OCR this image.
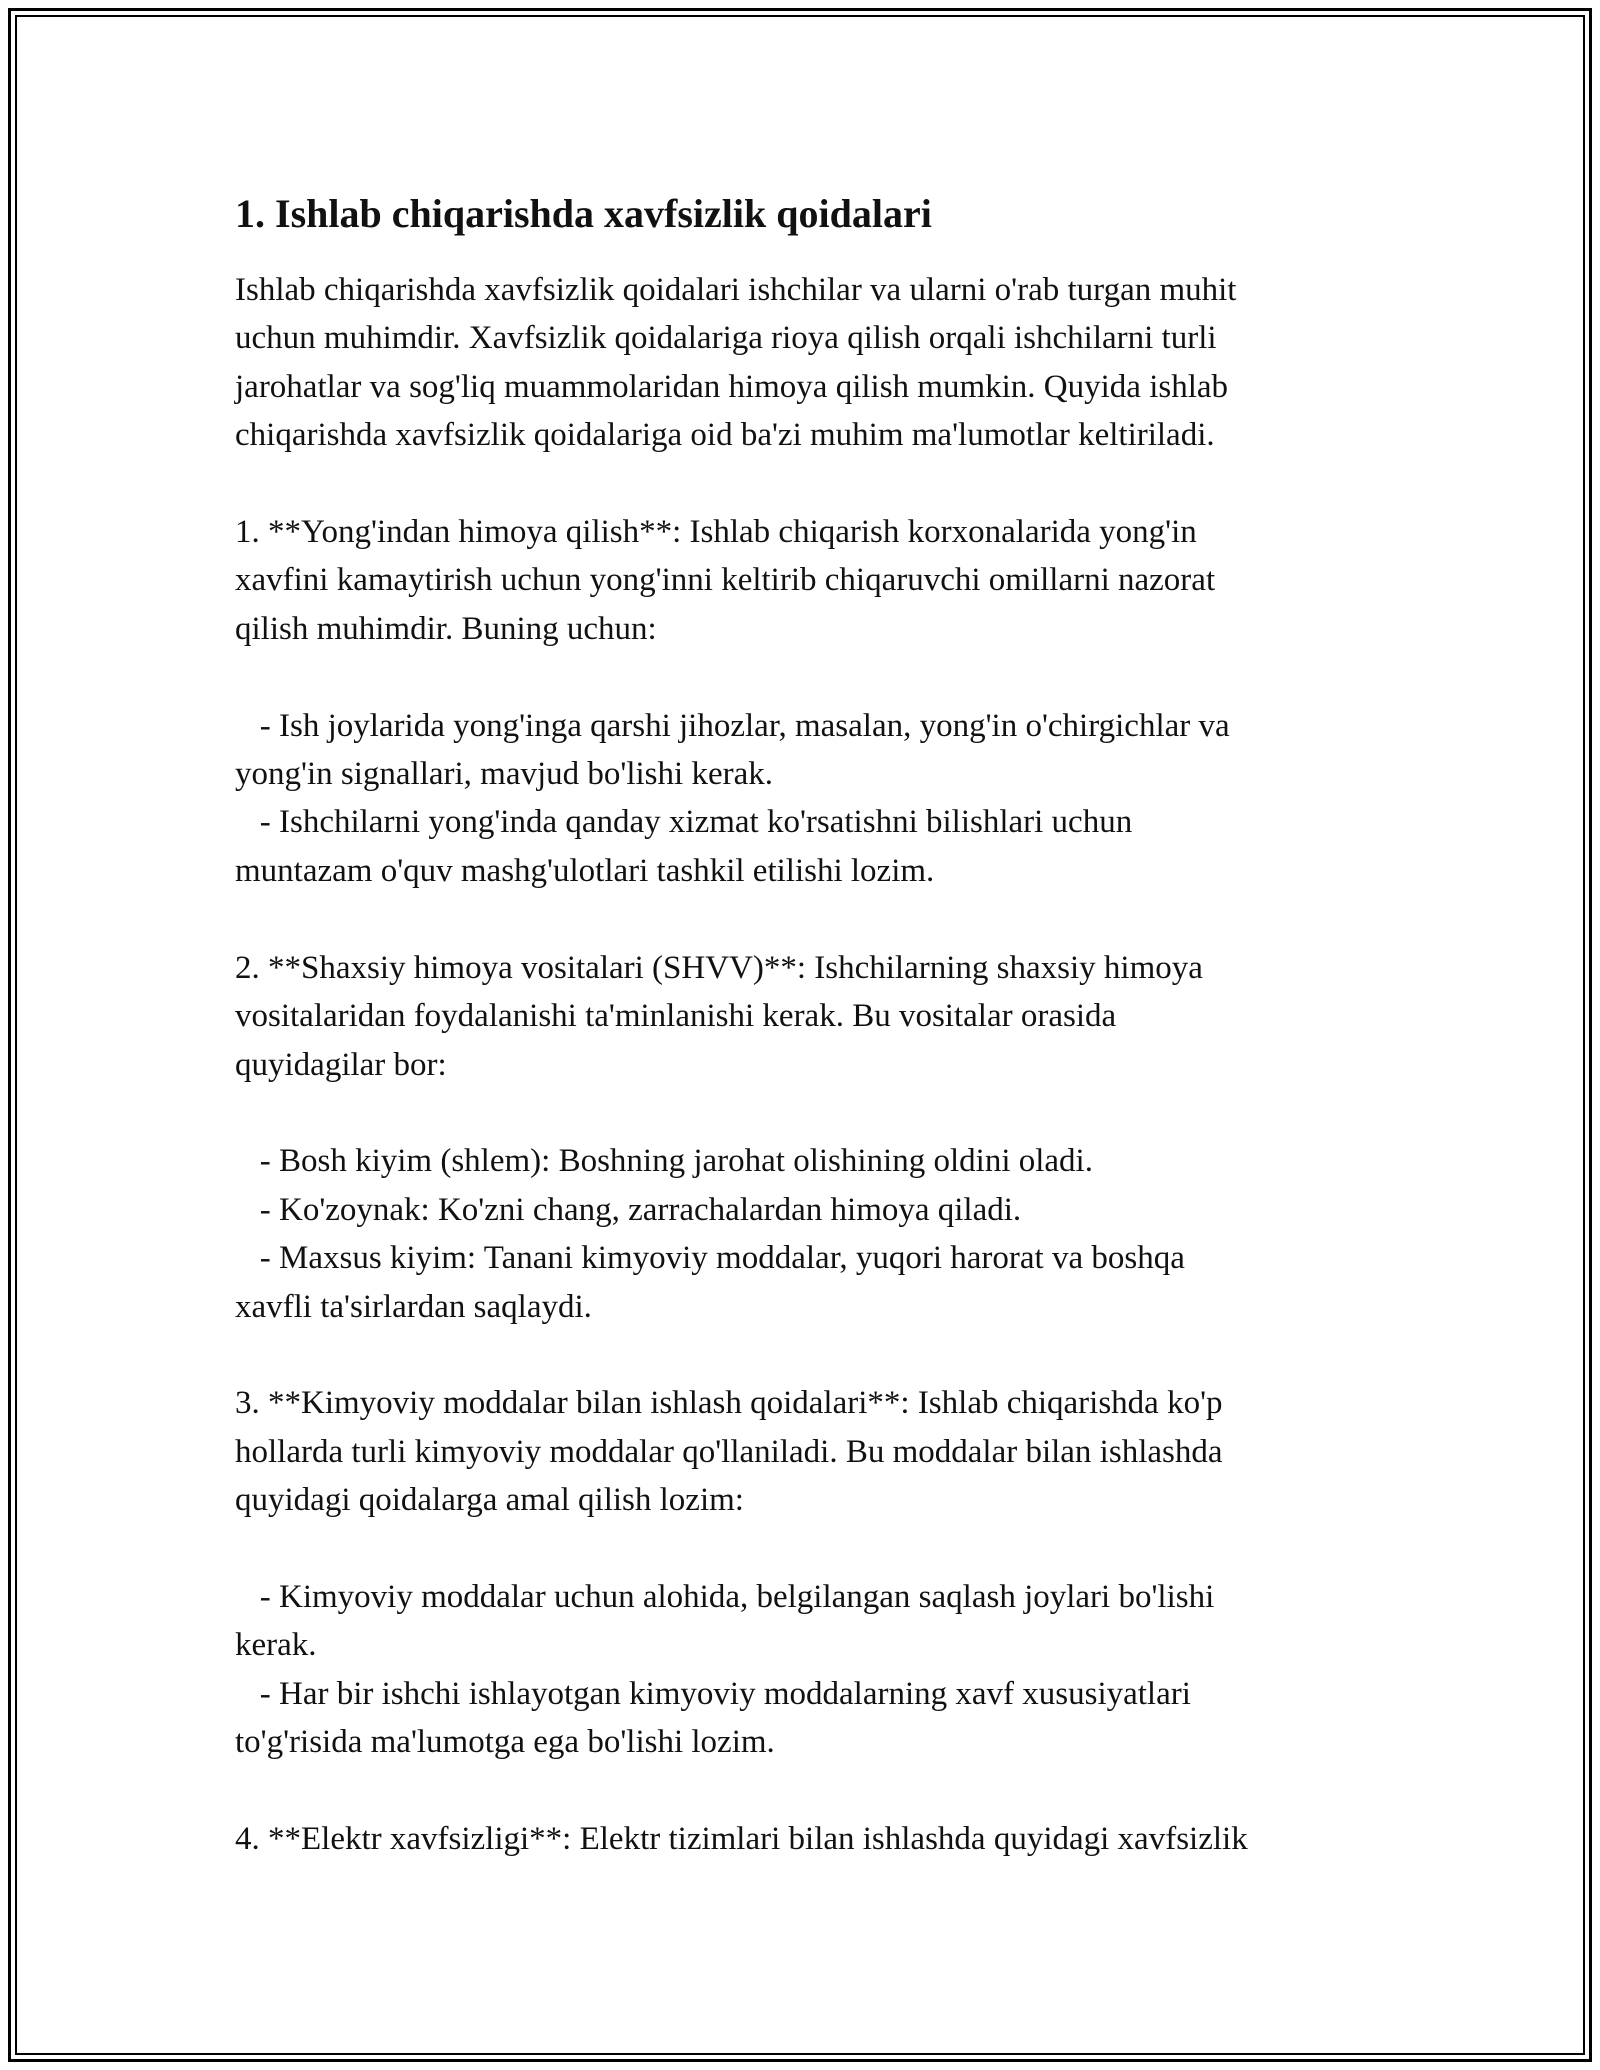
1. Ishlab chiqarishda xavfsizlik qoidalari

Ishlab chiqarishda xavfsizlik qoidalari ishchilar va ularni o'rab turgan muhit
uchun muhimdir. Xavfsizlik qoidalariga rioya qilish orqali ishchilarni turli
jarohatlar va sog'liq muammolaridan himoya qilish mumkin. Quyida ishlab
chiqarishda xavfsizlik qoidalariga oid ba'zi muhim ma'lumotlar keltiriladi.

1. **Yong'indan himoya qilish**: Ishlab chiqarish korxonalarida yong'in
xavfini kamaytirish uchun yong'inni keltirib chiqaruvchi omillarni nazorat
qilish muhimdir. Buning uchun:

- Ish joylarida yong'inga qarshi jihozlar, masalan, yong'in o'chirgichlar va
yong'in signallari, mavjud bo'lishi kerak.
- Ishchilarni yong'inda qanday xizmat ko'rsatishni bilishlari uchun
muntazam o'quv mashg'ulotlari tashkil etilishi lozim.

2. **Shaxsiy himoya vositalari (SHVV)**: Ishchilarning shaxsiy himoya
vositalaridan foydalanishi ta'minlanishi kerak. Bu vositalar orasida
quyidagilar bor:

- Bosh kiyim (shlem): Boshning jarohat olishining oldini oladi.
- Ko'zoynak: Ko'zni chang, zarrachalardan himoya qiladi.
- Maxsus kiyim: Tanani kimyoviy moddalar, yuqori harorat va boshqa
xavfli ta'sirlardan saqlaydi.

3. **Kimyoviy moddalar bilan ishlash qoidalari**: Ishlab chiqarishda ko'p
hollarda turli kimyoviy moddalar qo'llaniladi. Bu moddalar bilan ishlashda
quyidagi qoidalarga amal qilish lozim:

- Kimyoviy moddalar uchun alohida, belgilangan saqlash joylari bo'lishi
kerak.
- Har bir ishchi ishlayotgan kimyoviy moddalarning xavf xususiyatlari
to'g'risida ma'lumotga ega bo'lishi lozim.

4. **Elektr xavfsizligi**: Elektr tizimlari bilan ishlashda quyidagi xavfsizlik
